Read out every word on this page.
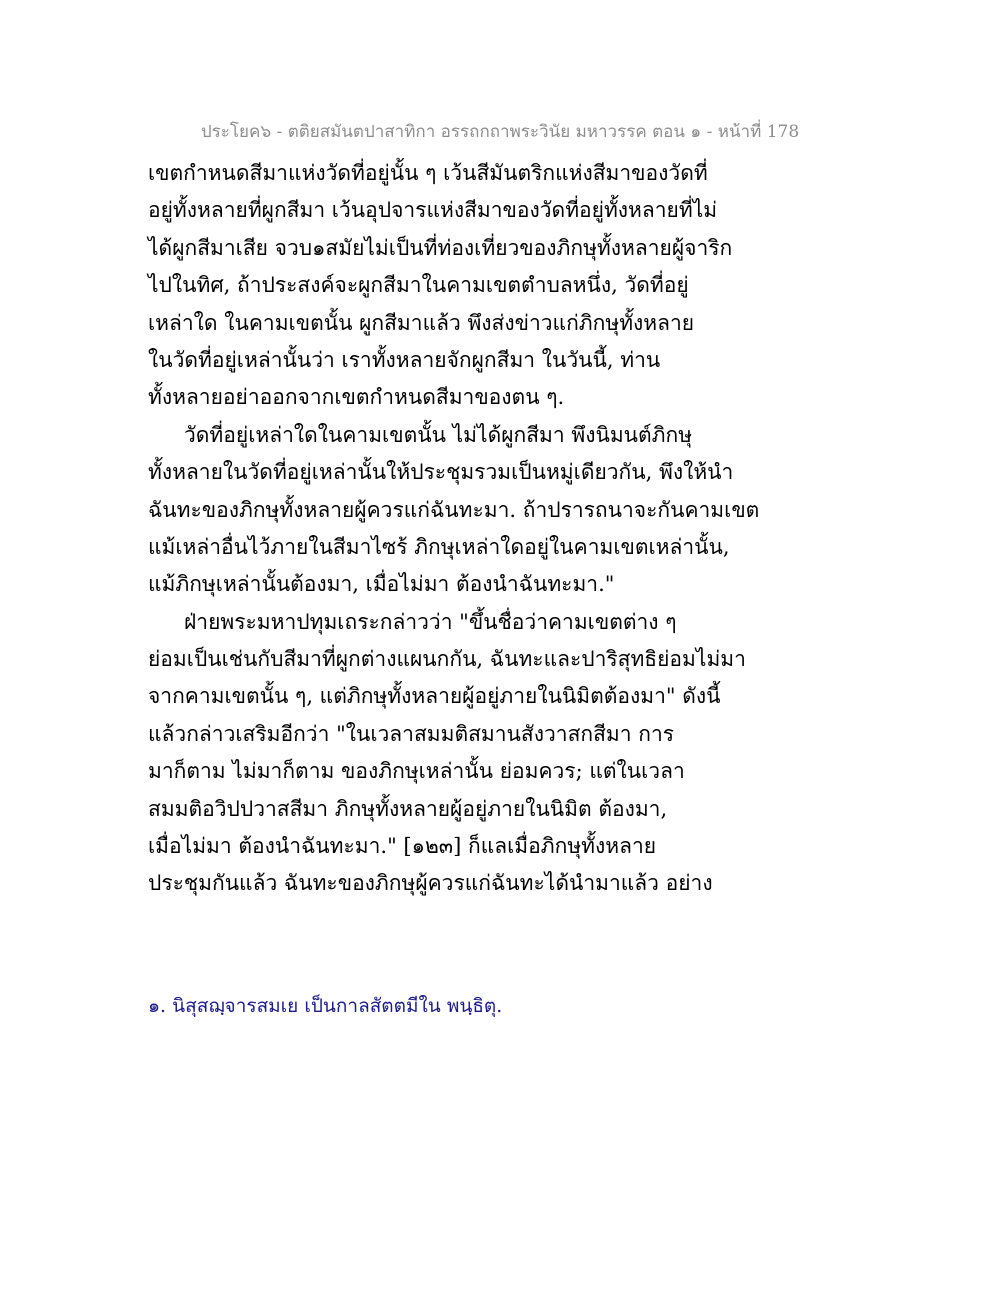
ประโยค๖ - ตติยสมันตปาสาทิกา อรรถกถาพระวินัย มหาวรรค ตอน ๑ - หน้าที่ 178
เขตกำหนดสีมาแห่งวัดที่อยู่นั้น ๆ เว้นสีมันตริกแห่งสีมาของวัดที่
อยู่ทั้งหลายที่ผูกสีมา เว้นอุปจารแห่งสีมาของวัดที่อยู่ทั้งหลายที่ไม่
ได้ผูกสีมาเสีย จวบ๑สมัยไม่เป็นที่ท่องเที่ยวของภิกษุทั้งหลายผู้จาริก
ไปในทิศ, ถ้าประสงค์จะผูกสีมาในคามเขตตำบลหนึ่ง, วัดที่อยู่
เหล่าใด ในคามเขตนั้น ผูกสีมาแล้ว พึงส่งข่าวแก่ภิกษุทั้งหลาย
ในวัดที่อยู่เหล่านั้นว่า เราทั้งหลายจักผูกสีมา ในวันนี้, ท่าน
ทั้งหลายอย่าออกจากเขตกำหนดสีมาของตน ๆ.
วัดที่อยู่เหล่าใดในคามเขตนั้น ไม่ได้ผูกสีมา พึงนิมนต์ภิกษุ
ทั้งหลายในวัดที่อยู่เหล่านั้นให้ประชุมรวมเป็นหมู่เดียวกัน, พึงให้นำ
ฉันทะของภิกษุทั้งหลายผู้ควรแก่ฉันทะมา. ถ้าปรารถนาจะกันคามเขต
แม้เหล่าอื่นไว้ภายในสีมาไซร้ ภิกษุเหล่าใดอยู่ในคามเขตเหล่านั้น,
แม้ภิกษุเหล่านั้นต้องมา, เมื่อไม่มา ต้องนำฉันทะมา."
ฝ่ายพระมหาปทุมเถระกล่าวว่า "ขึ้นชื่อว่าคามเขตต่าง ๆ
ย่อมเป็นเช่นกับสีมาที่ผูกต่างแผนกกัน, ฉันทะและปาริสุทธิย่อมไม่มา
จากคามเขตนั้น ๆ, แต่ภิกษุทั้งหลายผู้อยู่ภายในนิมิตต้องมา" ดังนี้
แล้วกล่าวเสริมอีกว่า "ในเวลาสมมติสมานสังวาสกสีมา การ
มาก็ตาม ไม่มาก็ตาม ของภิกษุเหล่านั้น ย่อมควร; แต่ในเวลา
สมมติอวิปปวาสสีมา ภิกษุทั้งหลายผู้อยู่ภายในนิมิต ต้องมา,
เมื่อไม่มา ต้องนำฉันทะมา." [๑๒๓] ก็แลเมื่อภิกษุทั้งหลาย
ประชุมกันแล้ว ฉันทะของภิกษุผู้ควรแก่ฉันทะได้นำมาแล้ว อย่าง
๑. นิสุสฌฺจารสมเย เป็นกาลสัตตมีใน พนฺธิตุ.
